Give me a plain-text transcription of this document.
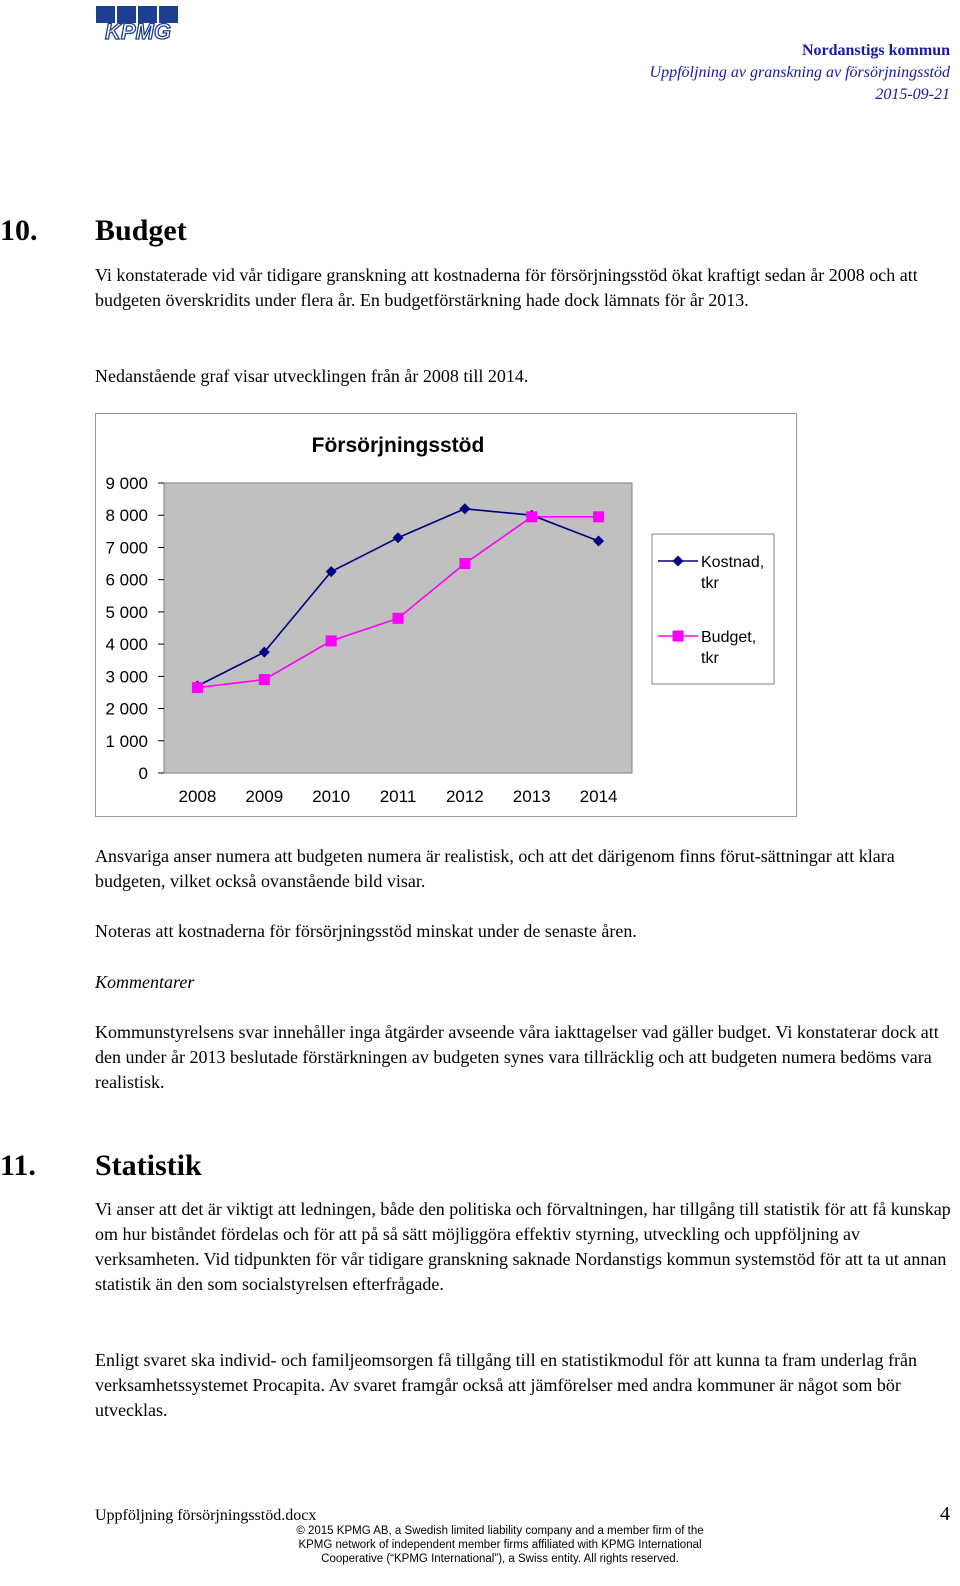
KPMG
Nordanstigs kommun
Uppföljning av granskning av försörjningsstöd
2015-09-21
10. Budget
Vi konstaterade vid vår tidigare granskning att kostnaderna för försörjningsstöd ökat kraftigt sedan år 2008 och att budgeten överskridits under flera år. En budgetförstärkning hade dock lämnats för år 2013.
Nedanstående graf visar utvecklingen från år 2008 till 2014.
Försörjningsstöd
0
1 000
2 000
3 000
4 000
5 000
6 000
7 000
8 000
9 000
2008 2009 2010 2011 2012 2013 2014
Kostnad,
tkr
Budget,
tkr
Ansvariga anser numera att budgeten numera är realistisk, och att det därigenom finns förut-sättningar att klara budgeten, vilket också ovanstående bild visar.
Noteras att kostnaderna för försörjningsstöd minskat under de senaste åren.
Kommentarer
Kommunstyrelsens svar innehåller inga åtgärder avseende våra iakttagelser vad gäller budget. Vi konstaterar dock att den under år 2013 beslutade förstärkningen av budgeten synes vara tillräcklig och att budgeten numera bedöms vara realistisk.
11. Statistik
Vi anser att det är viktigt att ledningen, både den politiska och förvaltningen, har tillgång till statistik för att få kunskap om hur biståndet fördelas och för att på så sätt möjliggöra effektiv styrning, utveckling och uppföljning av verksamheten. Vid tidpunkten för vår tidigare granskning saknade Nordanstigs kommun systemstöd för att ta ut annan statistik än den som socialstyrelsen efterfrågade.
Enligt svaret ska individ- och familjeomsorgen få tillgång till en statistikmodul för att kunna ta fram underlag från verksamhetssystemet Procapita. Av svaret framgår också att jämförelser med andra kommuner är något som bör utvecklas.
Uppföljning försörjningsstöd.docx	4
© 2015 KPMG AB, a Swedish limited liability company and a member firm of the
KPMG network of independent member firms affiliated with KPMG International
Cooperative (“KPMG International”), a Swiss entity. All rights reserved.
